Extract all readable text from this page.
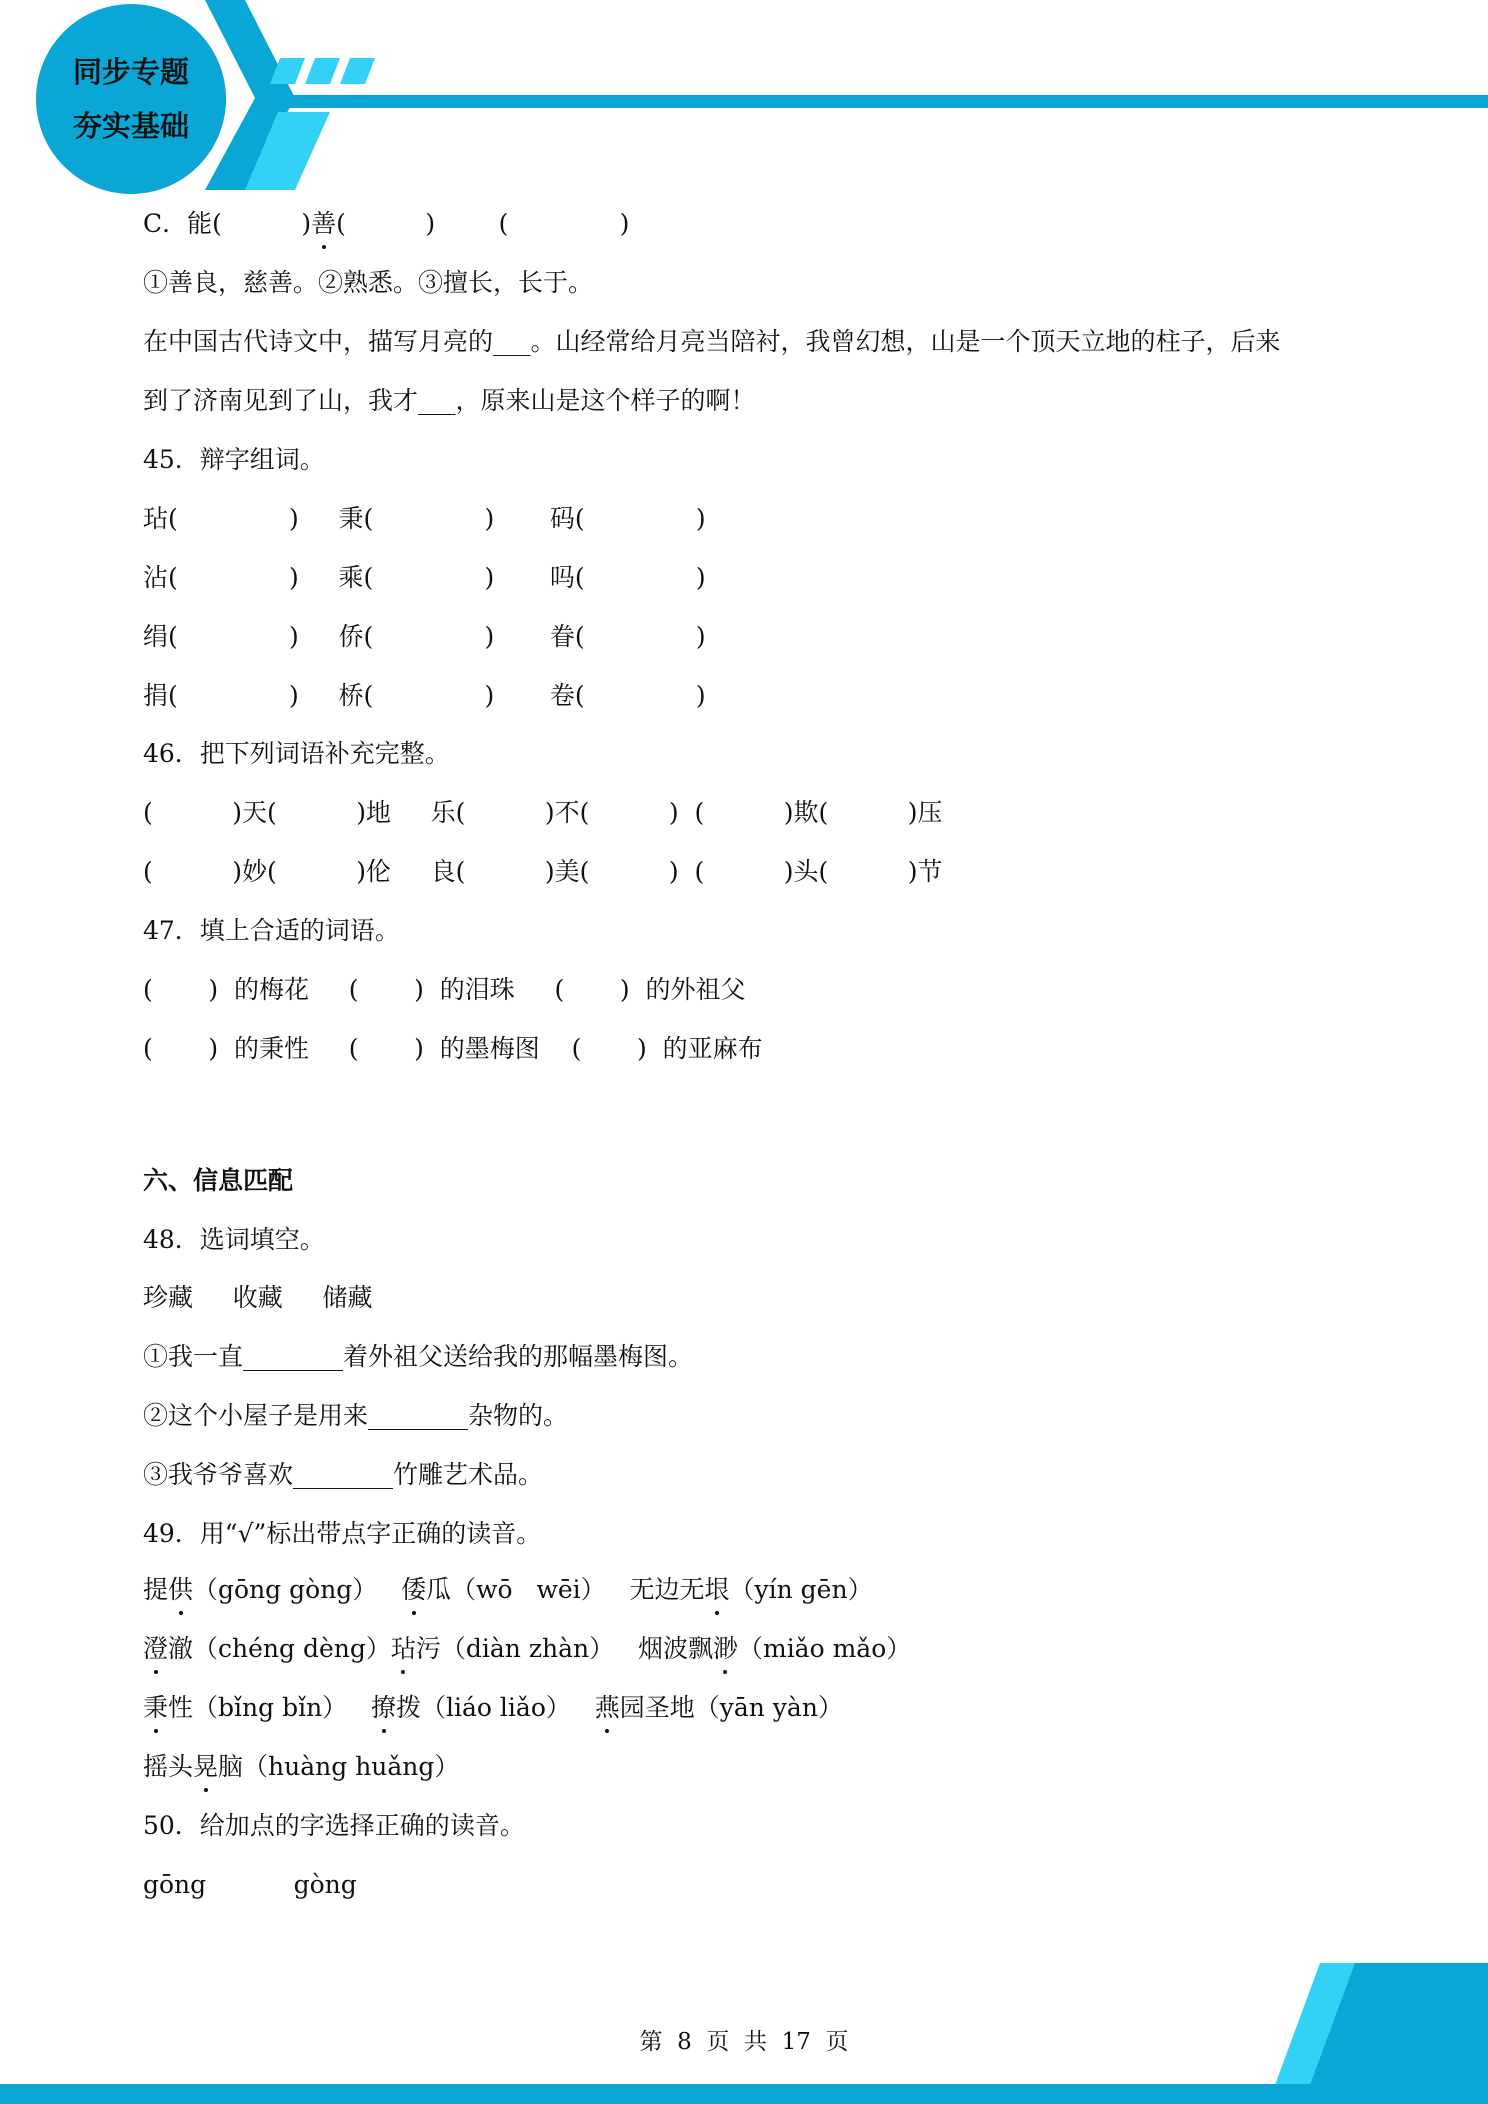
同步专题
夯实基础
C．能(          )善(          )        (              )
①善良，慈善。②熟悉。③擅长，长于。
在中国古代诗文中，描写月亮的___。山经常给月亮当陪衬，我曾幻想，山是一个顶天立地的柱子，后来
到了济南见到了山，我才___，原来山是这个样子的啊！
45．辩字组词。
玷(              )     秉(              )       码(              )
沾(              )     乘(              )       吗(              )
绢(              )     侨(              )       眷(              )
捐(              )     桥(              )       卷(              )
46．把下列词语补充完整。
(          )天(          )地     乐(          )不(          )  (          )欺(          )压
(          )妙(          )伦     良(          )美(          )  (          )头(          )节
47．填上合适的词语。
(       )  的梅花     (       )  的泪珠     (       )  的外祖父
(       )  的秉性     (       )  的墨梅图    (       )  的亚麻布
六、信息匹配
48．选词填空。
珍藏     收藏     储藏
①我一直________着外祖父送给我的那幅墨梅图。
②这个小屋子是用来________杂物的。
③我爷爷喜欢________竹雕艺术品。
49．用“√”标出带点字正确的读音。
提供（gōng gòng）   倭瓜（wō   wēi）   无边无垠（yín gēn）
澄澈（chéng dèng）玷污（diàn zhàn）   烟波飘渺（miǎo mǎo）
秉性（bǐng bǐn）   撩拨（liáo liǎo）   燕园圣地（yān yàn）
摇头晃脑（huàng huǎng）
50．给加点的字选择正确的读音。
gōng           gòng
第  8  页  共  17  页
